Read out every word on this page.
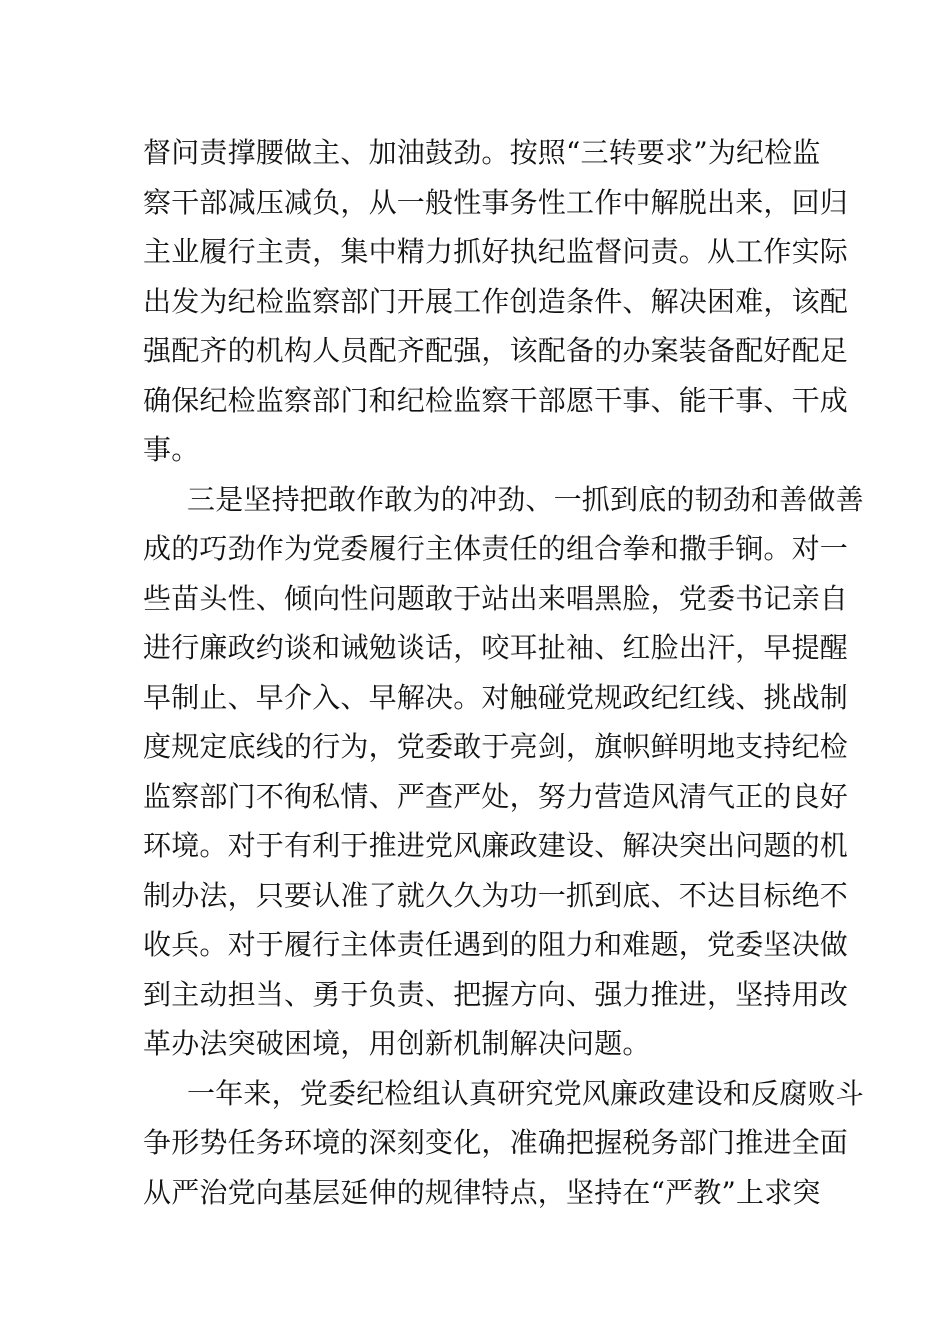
督问责撑腰做主、加油鼓劲。按照“三转要求”为纪检监
察干部减压减负，从一般性事务性工作中解脱出来，回归
主业履行主责，集中精力抓好执纪监督问责。从工作实际
出发为纪检监察部门开展工作创造条件、解决困难，该配
强配齐的机构人员配齐配强，该配备的办案装备配好配足
确保纪检监察部门和纪检监察干部愿干事、能干事、干成
事。
三是坚持把敢作敢为的冲劲、一抓到底的韧劲和善做善
成的巧劲作为党委履行主体责任的组合拳和撒手锏。对一
些苗头性、倾向性问题敢于站出来唱黑脸，党委书记亲自
进行廉政约谈和诫勉谈话，咬耳扯袖、红脸出汗，早提醒
早制止、早介入、早解决。对触碰党规政纪红线、挑战制
度规定底线的行为，党委敢于亮剑，旗帜鲜明地支持纪检
监察部门不徇私情、严查严处，努力营造风清气正的良好
环境。对于有利于推进党风廉政建设、解决突出问题的机
制办法，只要认准了就久久为功一抓到底、不达目标绝不
收兵。对于履行主体责任遇到的阻力和难题，党委坚决做
到主动担当、勇于负责、把握方向、强力推进，坚持用改
革办法突破困境，用创新机制解决问题。
一年来，党委纪检组认真研究党风廉政建设和反腐败斗
争形势任务环境的深刻变化，准确把握税务部门推进全面
从严治党向基层延伸的规律特点，坚持在“严教”上求突
